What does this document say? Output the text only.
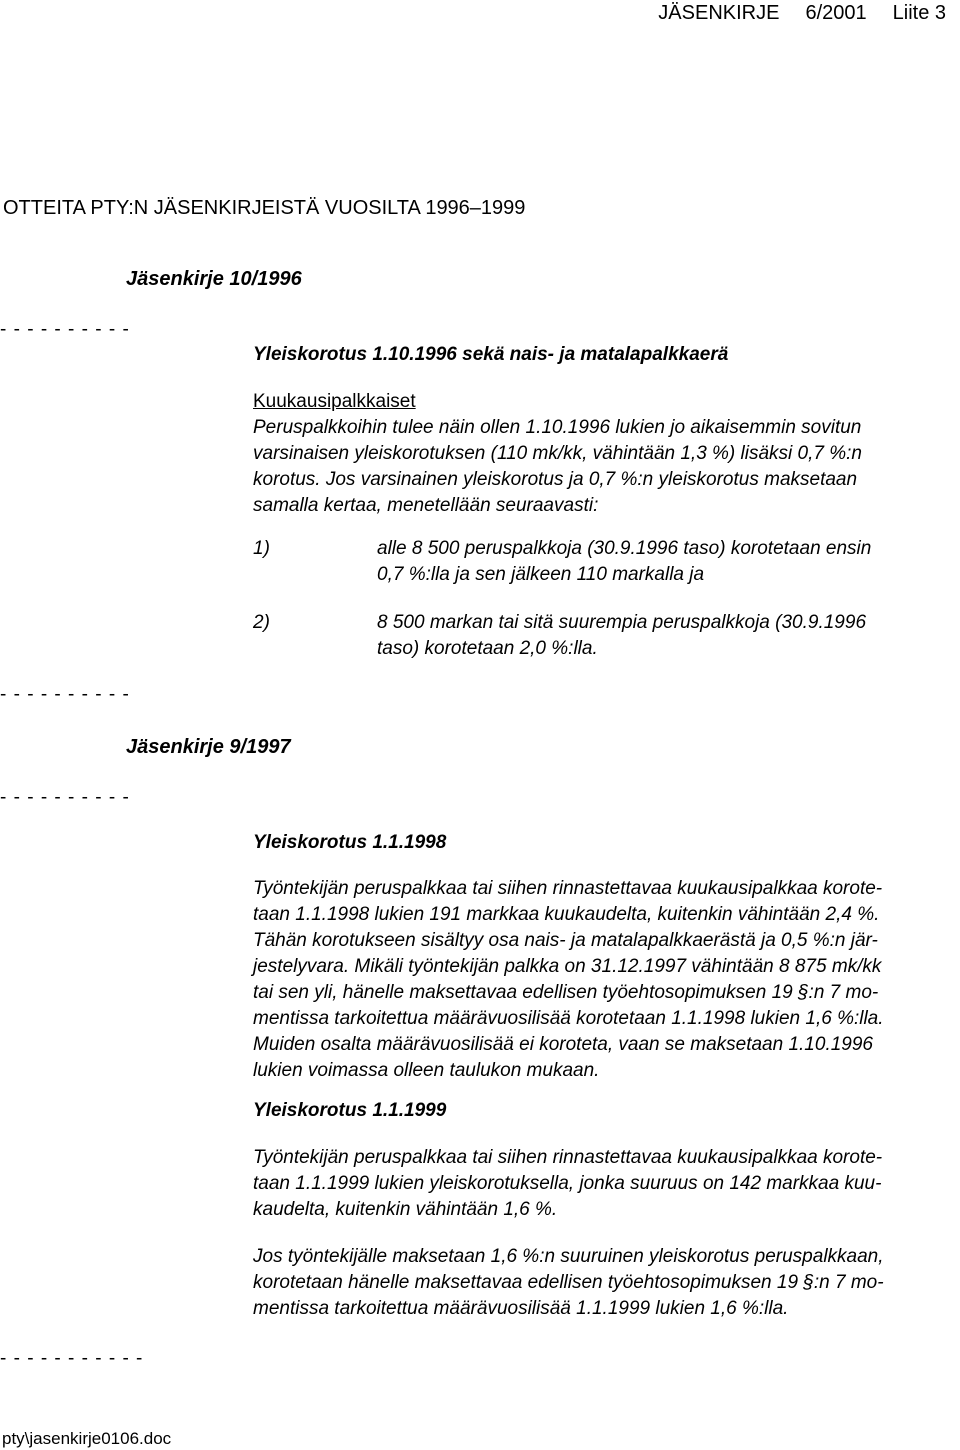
JÄSENKIRJE 6/2001 Liite 3
OTTEITA PTY:N JÄSENKIRJEISTÄ VUOSILTA 1996–1999
Jäsenkirje 10/1996
- - - - - - - - - -
Yleiskorotus 1.10.1996 sekä nais- ja matalapalkkaerä

Kuukausipalkkaiset

Peruspalkkoihin tulee näin ollen 1.10.1996 lukien jo aikaisemmin sovitun

varsinaisen yleiskorotuksen (110 mk/kk, vähintään 1,3 %) lisäksi 0,7 %:n

korotus. Jos varsinainen yleiskorotus ja 0,7 %:n yleiskorotus maksetaan

samalla kertaa, menetellään seuraavasti:

1)	alle 8 500 peruspalkkoja (30.9.1996 taso) korotetaan ensin
0,7 %:lla ja sen jälkeen 110 markalla ja
2)	8 500 markan tai sitä suurempia peruspalkkoja (30.9.1996
taso) korotetaan 2,0 %:lla.
- - - - - - - - - -
Jäsenkirje 9/1997
- - - - - - - - - -
Yleiskorotus 1.1.1998

Työntekijän peruspalkkaa tai siihen rinnastettavaa kuukausipalkkaa korote-

taan 1.1.1998 lukien 191 markkaa kuukaudelta, kuitenkin vähintään 2,4 %.

Tähän korotukseen sisältyy osa nais- ja matalapalkkaerästä ja 0,5 %:n jär-

jestelyvara. Mikäli työntekijän palkka on 31.12.1997 vähintään 8 875 mk/kk

tai sen yli, hänelle maksettavaa edellisen työehtosopimuksen 19 §:n 7 mo-

mentissa tarkoitettua määrävuosilisää korotetaan 1.1.1998 lukien 1,6 %:lla.

Muiden osalta määrävuosilisää ei koroteta, vaan se maksetaan 1.10.1996

lukien voimassa olleen taulukon mukaan.

Yleiskorotus 1.1.1999

Työntekijän peruspalkkaa tai siihen rinnastettavaa kuukausipalkkaa korote-

taan 1.1.1999 lukien yleiskorotuksella, jonka suuruus on 142 markkaa kuu-

kaudelta, kuitenkin vähintään 1,6 %.

Jos työntekijälle maksetaan 1,6 %:n suuruinen yleiskorotus peruspalkkaan,

korotetaan hänelle maksettavaa edellisen työehtosopimuksen 19 §:n 7 mo-

mentissa tarkoitettua määrävuosilisää 1.1.1999 lukien 1,6 %:lla.

- - - - - - - - - - -
pty\jasenkirje0106.doc
